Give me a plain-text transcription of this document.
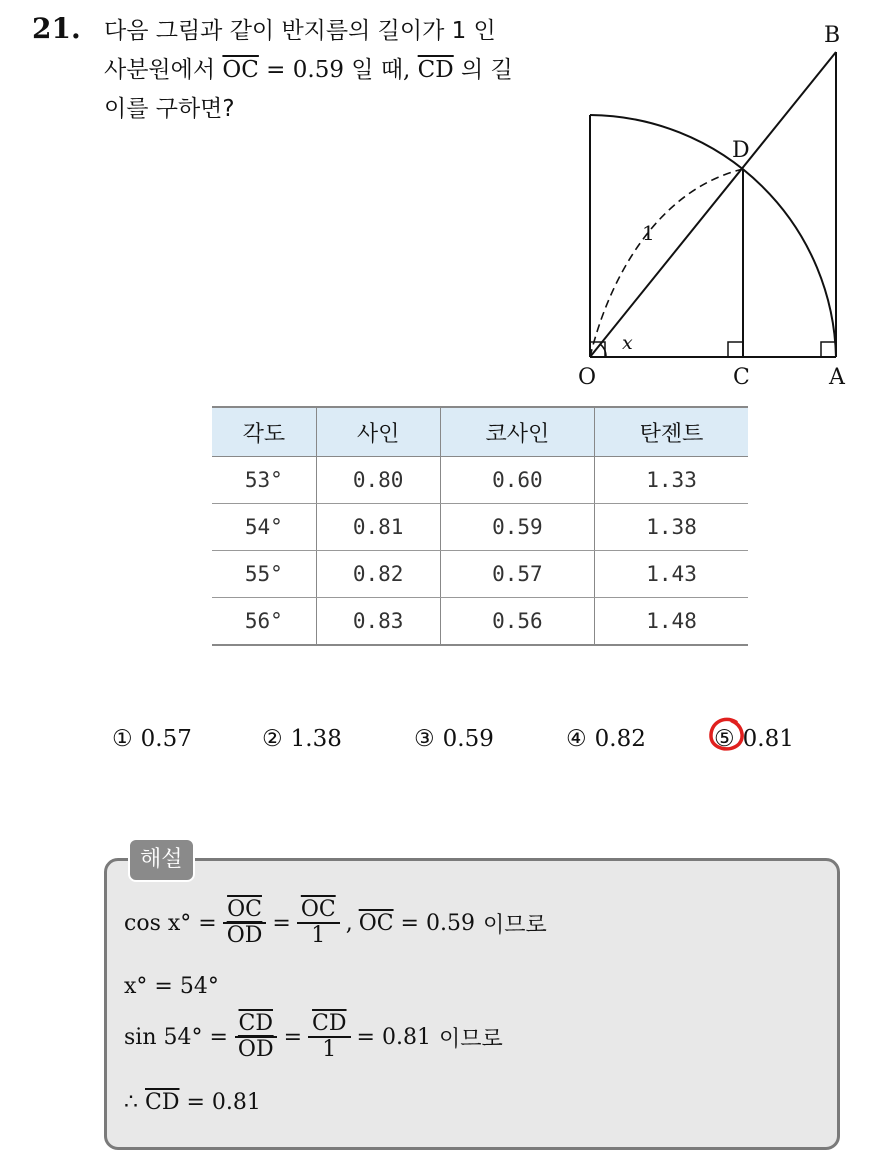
21. 다음 그림과 같이 반지름의 길이가 1 인
사분원에서 $\overline{OC} = 0.59$ 일 때, $\overline{CD}$ 의 길
이를 구하면?
B
D
1
x
O	C	A
각도	사인	코사인	탄젠트
53°	0.80	0.60	1.33
54°	0.81	0.59	1.38
55°	0.82	0.57	1.43
56°	0.83	0.56	1.48
① 0.57	② 1.38	③ 0.59	④ 0.82	⑤ 0.81
해설
$\cos x^\circ = \frac{\overline{OC}}{OD} = \frac{\overline{OC}}{1}$ , $\overline{OC} = 0.59$ 이므로
x° = 54°
$\sin 54^\circ = \frac{\overline{CD}}{OD} = \frac{\overline{CD}}{1} = 0.81$ 이므로
∴ $\overline{CD} = 0.81$
